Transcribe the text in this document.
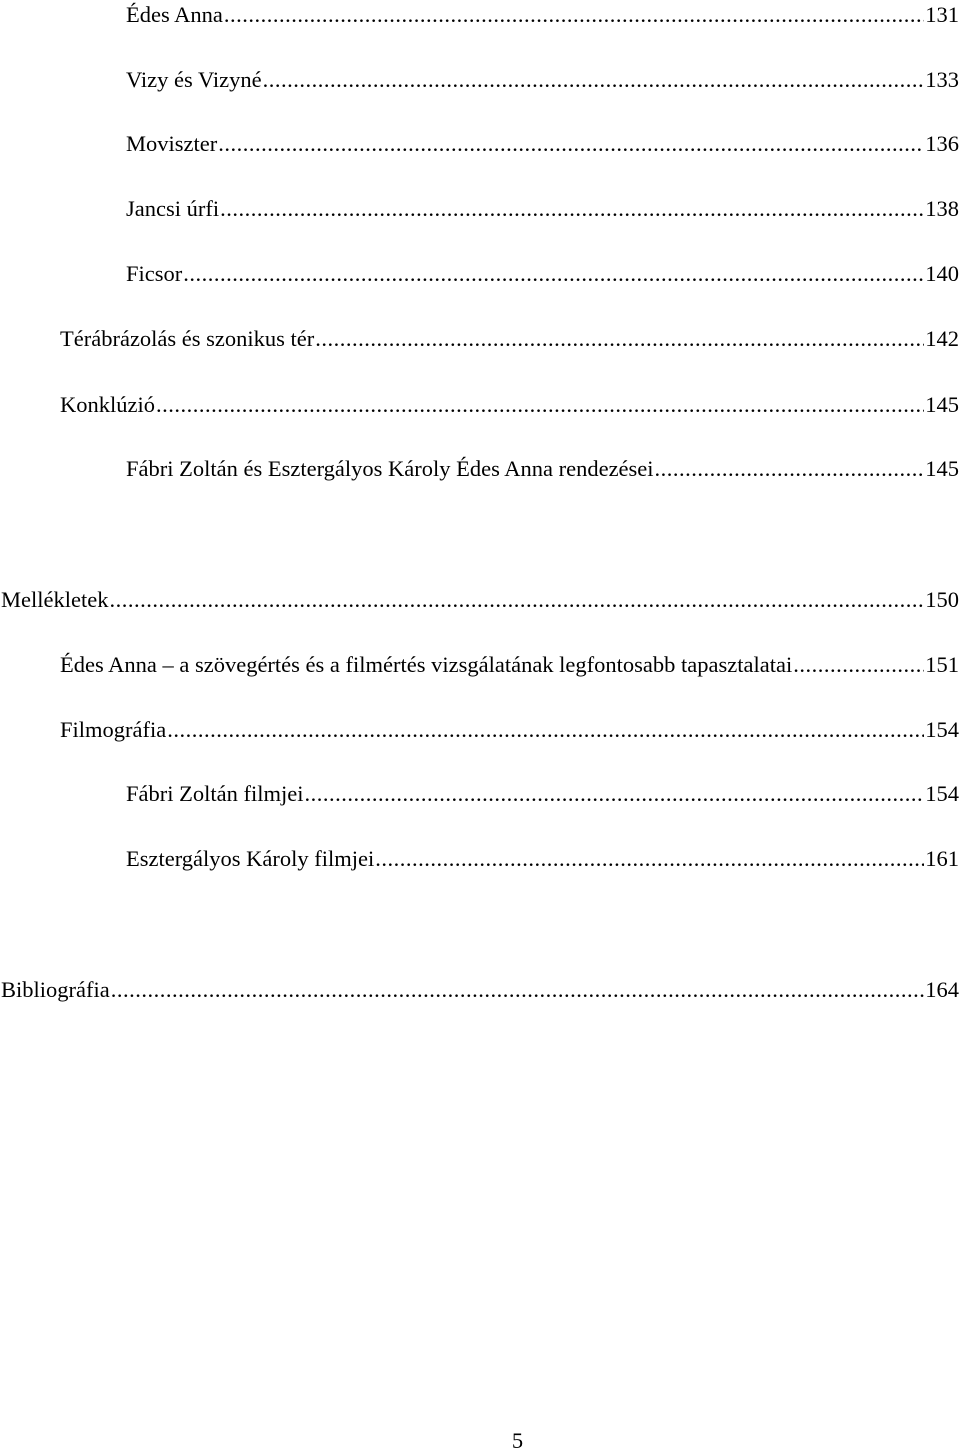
Édes Anna .....	131
Vizy és Vizyné .....	133
Moviszter .....	136
Jancsi úrfi .....	138
Ficsor .....	140
Térábrázolás és szonikus tér .....	142
Konklúzió .....	145
Fábri Zoltán és Esztergályos Károly Édes Anna rendezései .....	145
Mellékletek .....	150
Édes Anna – a szövegértés és a filmértés vizsgálatának legfontosabb tapasztalatai .....	151
Filmográfia .....	154
Fábri Zoltán filmjei .....	154
Esztergályos Károly filmjei .....	161
Bibliográfia .....	164
5
